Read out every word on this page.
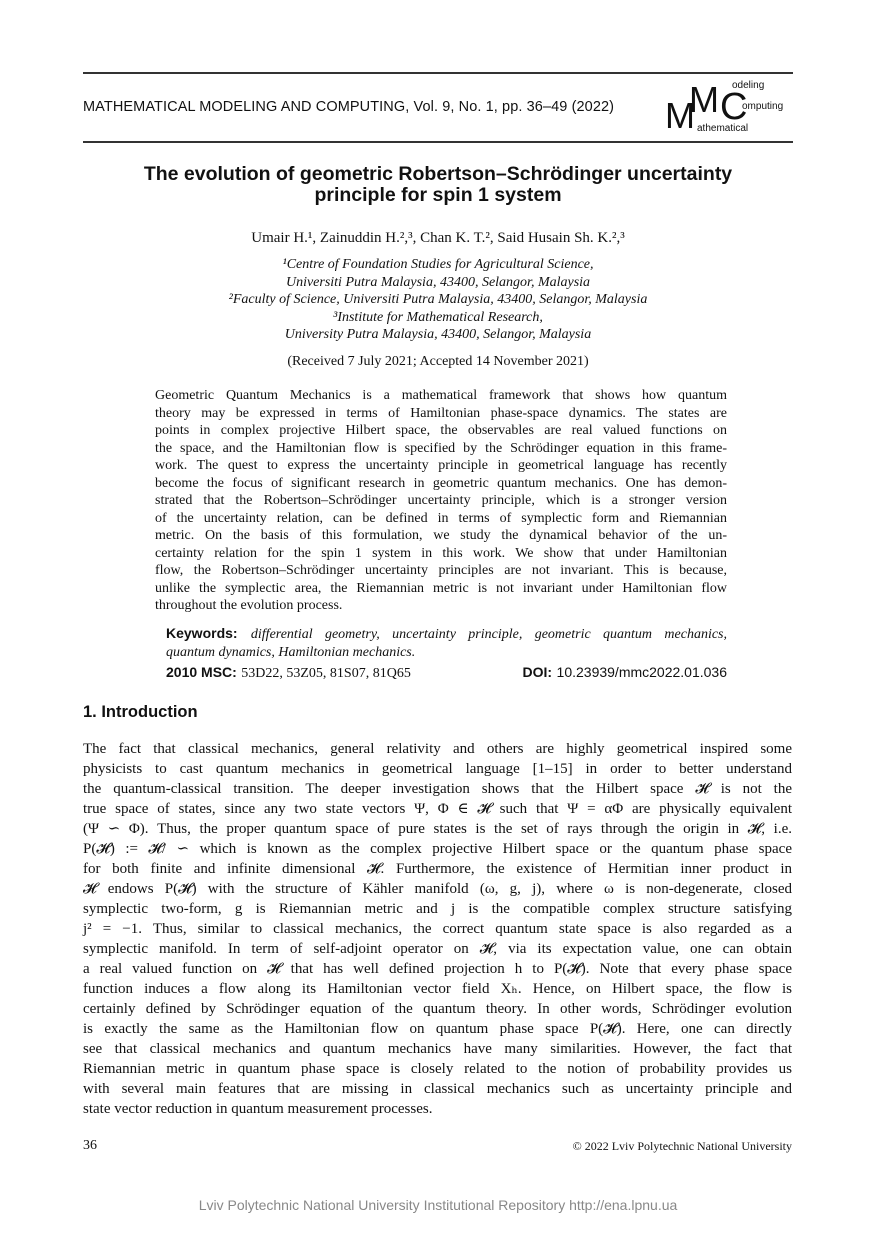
MATHEMATICAL MODELING AND COMPUTING, Vol. 9, No. 1, pp. 36–49 (2022) M
M C
odeling
omputing
athematical
The evolution of geometric Robertson–Schrödinger uncertainty
principle for spin 1 system
Umair H.¹, Zainuddin H.²,³, Chan K. T.², Said Husain Sh. K.²,³
¹Centre of Foundation Studies for Agricultural Science,
Universiti Putra Malaysia, 43400, Selangor, Malaysia
²Faculty of Science, Universiti Putra Malaysia, 43400, Selangor, Malaysia
³Institute for Mathematical Research,
University Putra Malaysia, 43400, Selangor, Malaysia
(Received 7 July 2021; Accepted 14 November 2021)
Geometric Quantum Mechanics is a mathematical framework that shows how quantum
theory may be expressed in terms of Hamiltonian phase-space dynamics. The states are
points in complex projective Hilbert space, the observables are real valued functions on
the space, and the Hamiltonian flow is specified by the Schrödinger equation in this frame-
work. The quest to express the uncertainty principle in geometrical language has recently
become the focus of significant research in geometric quantum mechanics. One has demon-
strated that the Robertson–Schrödinger uncertainty principle, which is a stronger version
of the uncertainty relation, can be defined in terms of symplectic form and Riemannian
metric. On the basis of this formulation, we study the dynamical behavior of the un-
certainty relation for the spin 1 system in this work. We show that under Hamiltonian
flow, the Robertson–Schrödinger uncertainty principles are not invariant. This is because,
unlike the symplectic area, the Riemannian metric is not invariant under Hamiltonian flow
throughout the evolution process.
Keywords: differential geometry, uncertainty principle, geometric quantum mechanics,
quantum dynamics, Hamiltonian mechanics.
2010 MSC: 53D22, 53Z05, 81S07, 81Q65	DOI: 10.23939/mmc2022.01.036
1. Introduction
The fact that classical mechanics, general relativity and others are highly geometrical inspired some
physicists to cast quantum mechanics in geometrical language [1–15] in order to better understand
the quantum-classical transition. The deeper investigation shows that the Hilbert space 𝓗 is not the
true space of states, since any two state vectors Ψ, Φ ∈ 𝓗 such that Ψ = αΦ are physically equivalent
(Ψ ∽ Φ). Thus, the proper quantum space of pure states is the set of rays through the origin in 𝓗, i.e.
P(𝓗) := 𝓗/ ∽ which is known as the complex projective Hilbert space or the quantum phase space
for both finite and infinite dimensional 𝓗. Furthermore, the existence of Hermitian inner product in
𝓗 endows P(𝓗) with the structure of Kähler manifold (ω, g, j), where ω is non-degenerate, closed
symplectic two-form, g is Riemannian metric and j is the compatible complex structure satisfying
j² = −1. Thus, similar to classical mechanics, the correct quantum state space is also regarded as a
symplectic manifold. In term of self-adjoint operator on 𝓗, via its expectation value, one can obtain
a real valued function on 𝓗 that has well defined projection h to P(𝓗). Note that every phase space
function induces a flow along its Hamiltonian vector field Xₕ. Hence, on Hilbert space, the flow is
certainly defined by Schrödinger equation of the quantum theory. In other words, Schrödinger evolution
is exactly the same as the Hamiltonian flow on quantum phase space P(𝓗). Here, one can directly
see that classical mechanics and quantum mechanics have many similarities. However, the fact that
Riemannian metric in quantum phase space is closely related to the notion of probability provides us
with several main features that are missing in classical mechanics such as uncertainty principle and
state vector reduction in quantum measurement processes.
36	© 2022 Lviv Polytechnic National University
Lviv Polytechnic National University Institutional Repository http://ena.lpnu.ua
